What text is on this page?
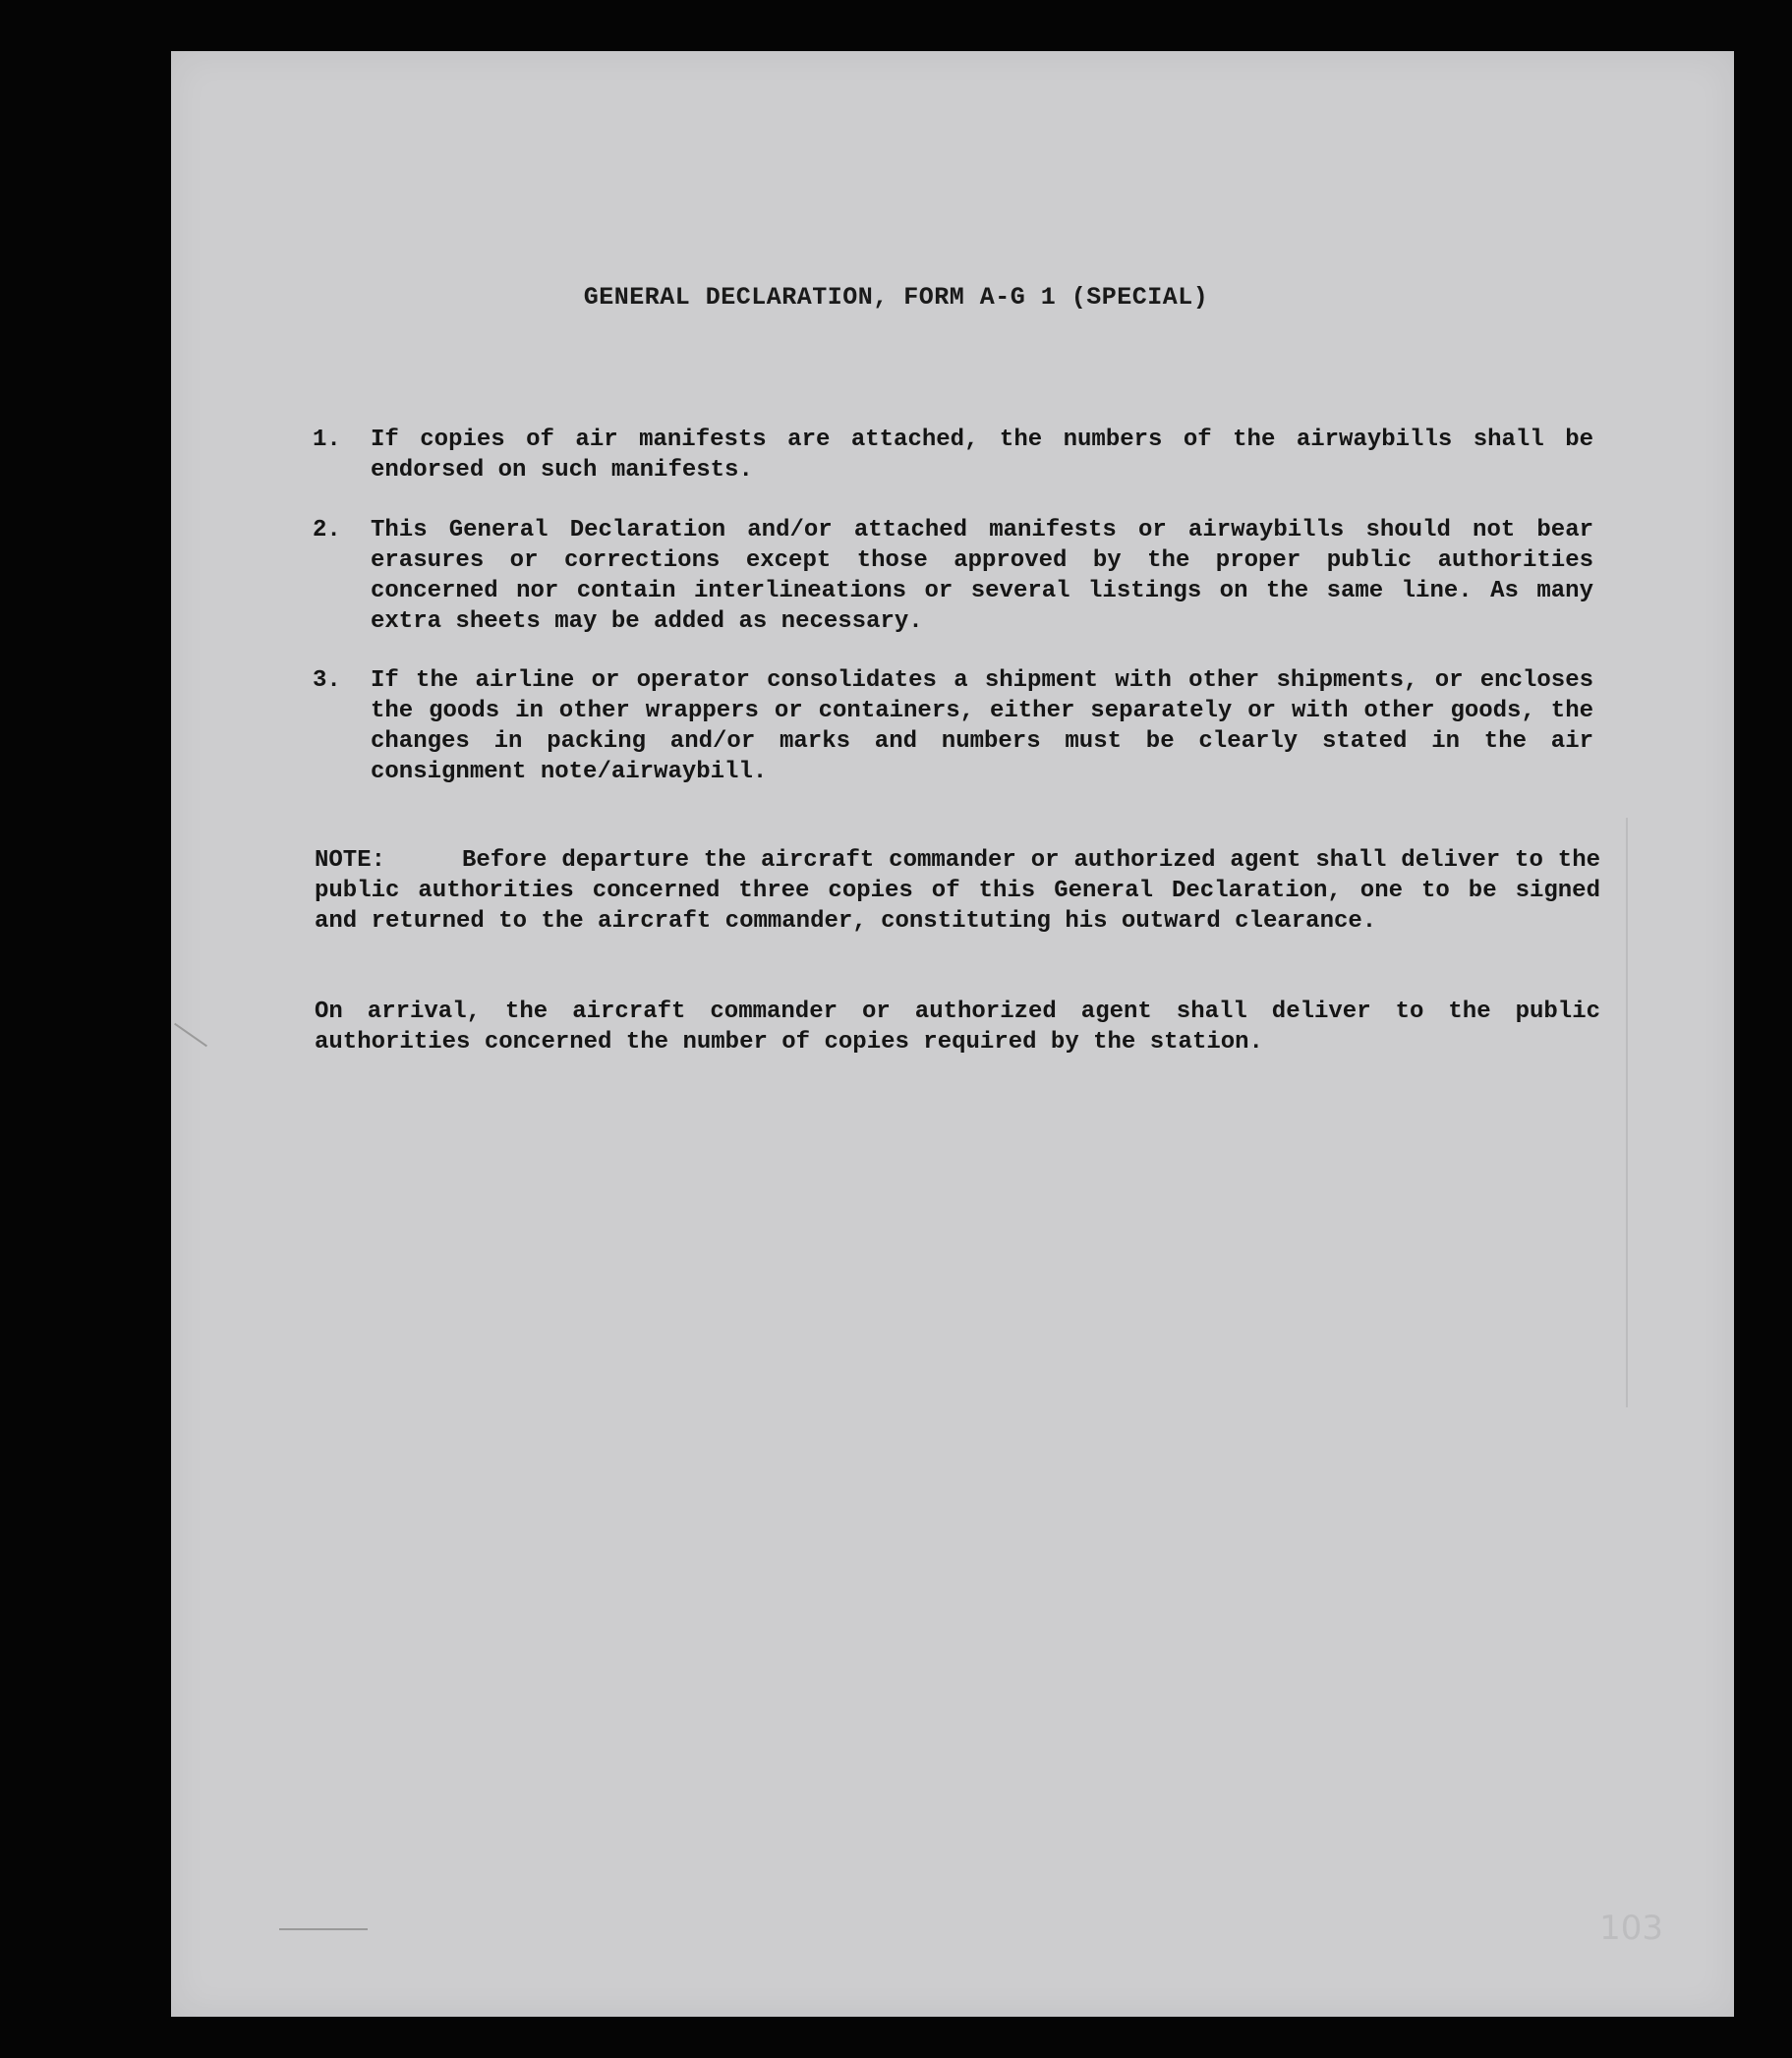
GENERAL DECLARATION, FORM A-G 1 (SPECIAL)
1.	If copies of air manifests are attached, the numbers of the airwaybills shall be endorsed on such manifests.
2.	This General Declaration and/or attached manifests or airwaybills should not bear erasures or corrections except those approved by the proper public authorities concerned nor contain interlineations or several listings on the same line. As many extra sheets may be added as necessary.
3.	If the airline or operator consolidates a shipment with other shipments, or encloses the goods in other wrappers or containers, either separately or with other goods, the changes in packing and/or marks and numbers must be clearly stated in the air consignment note/airwaybill.
NOTE:	Before departure the aircraft commander or authorized agent shall deliver to the public authorities concerned three copies of this General Declaration, one to be signed and returned to the aircraft commander, constituting his outward clearance.
On arrival, the aircraft commander or authorized agent shall deliver to the public authorities concerned the number of copies required by the station.
103
